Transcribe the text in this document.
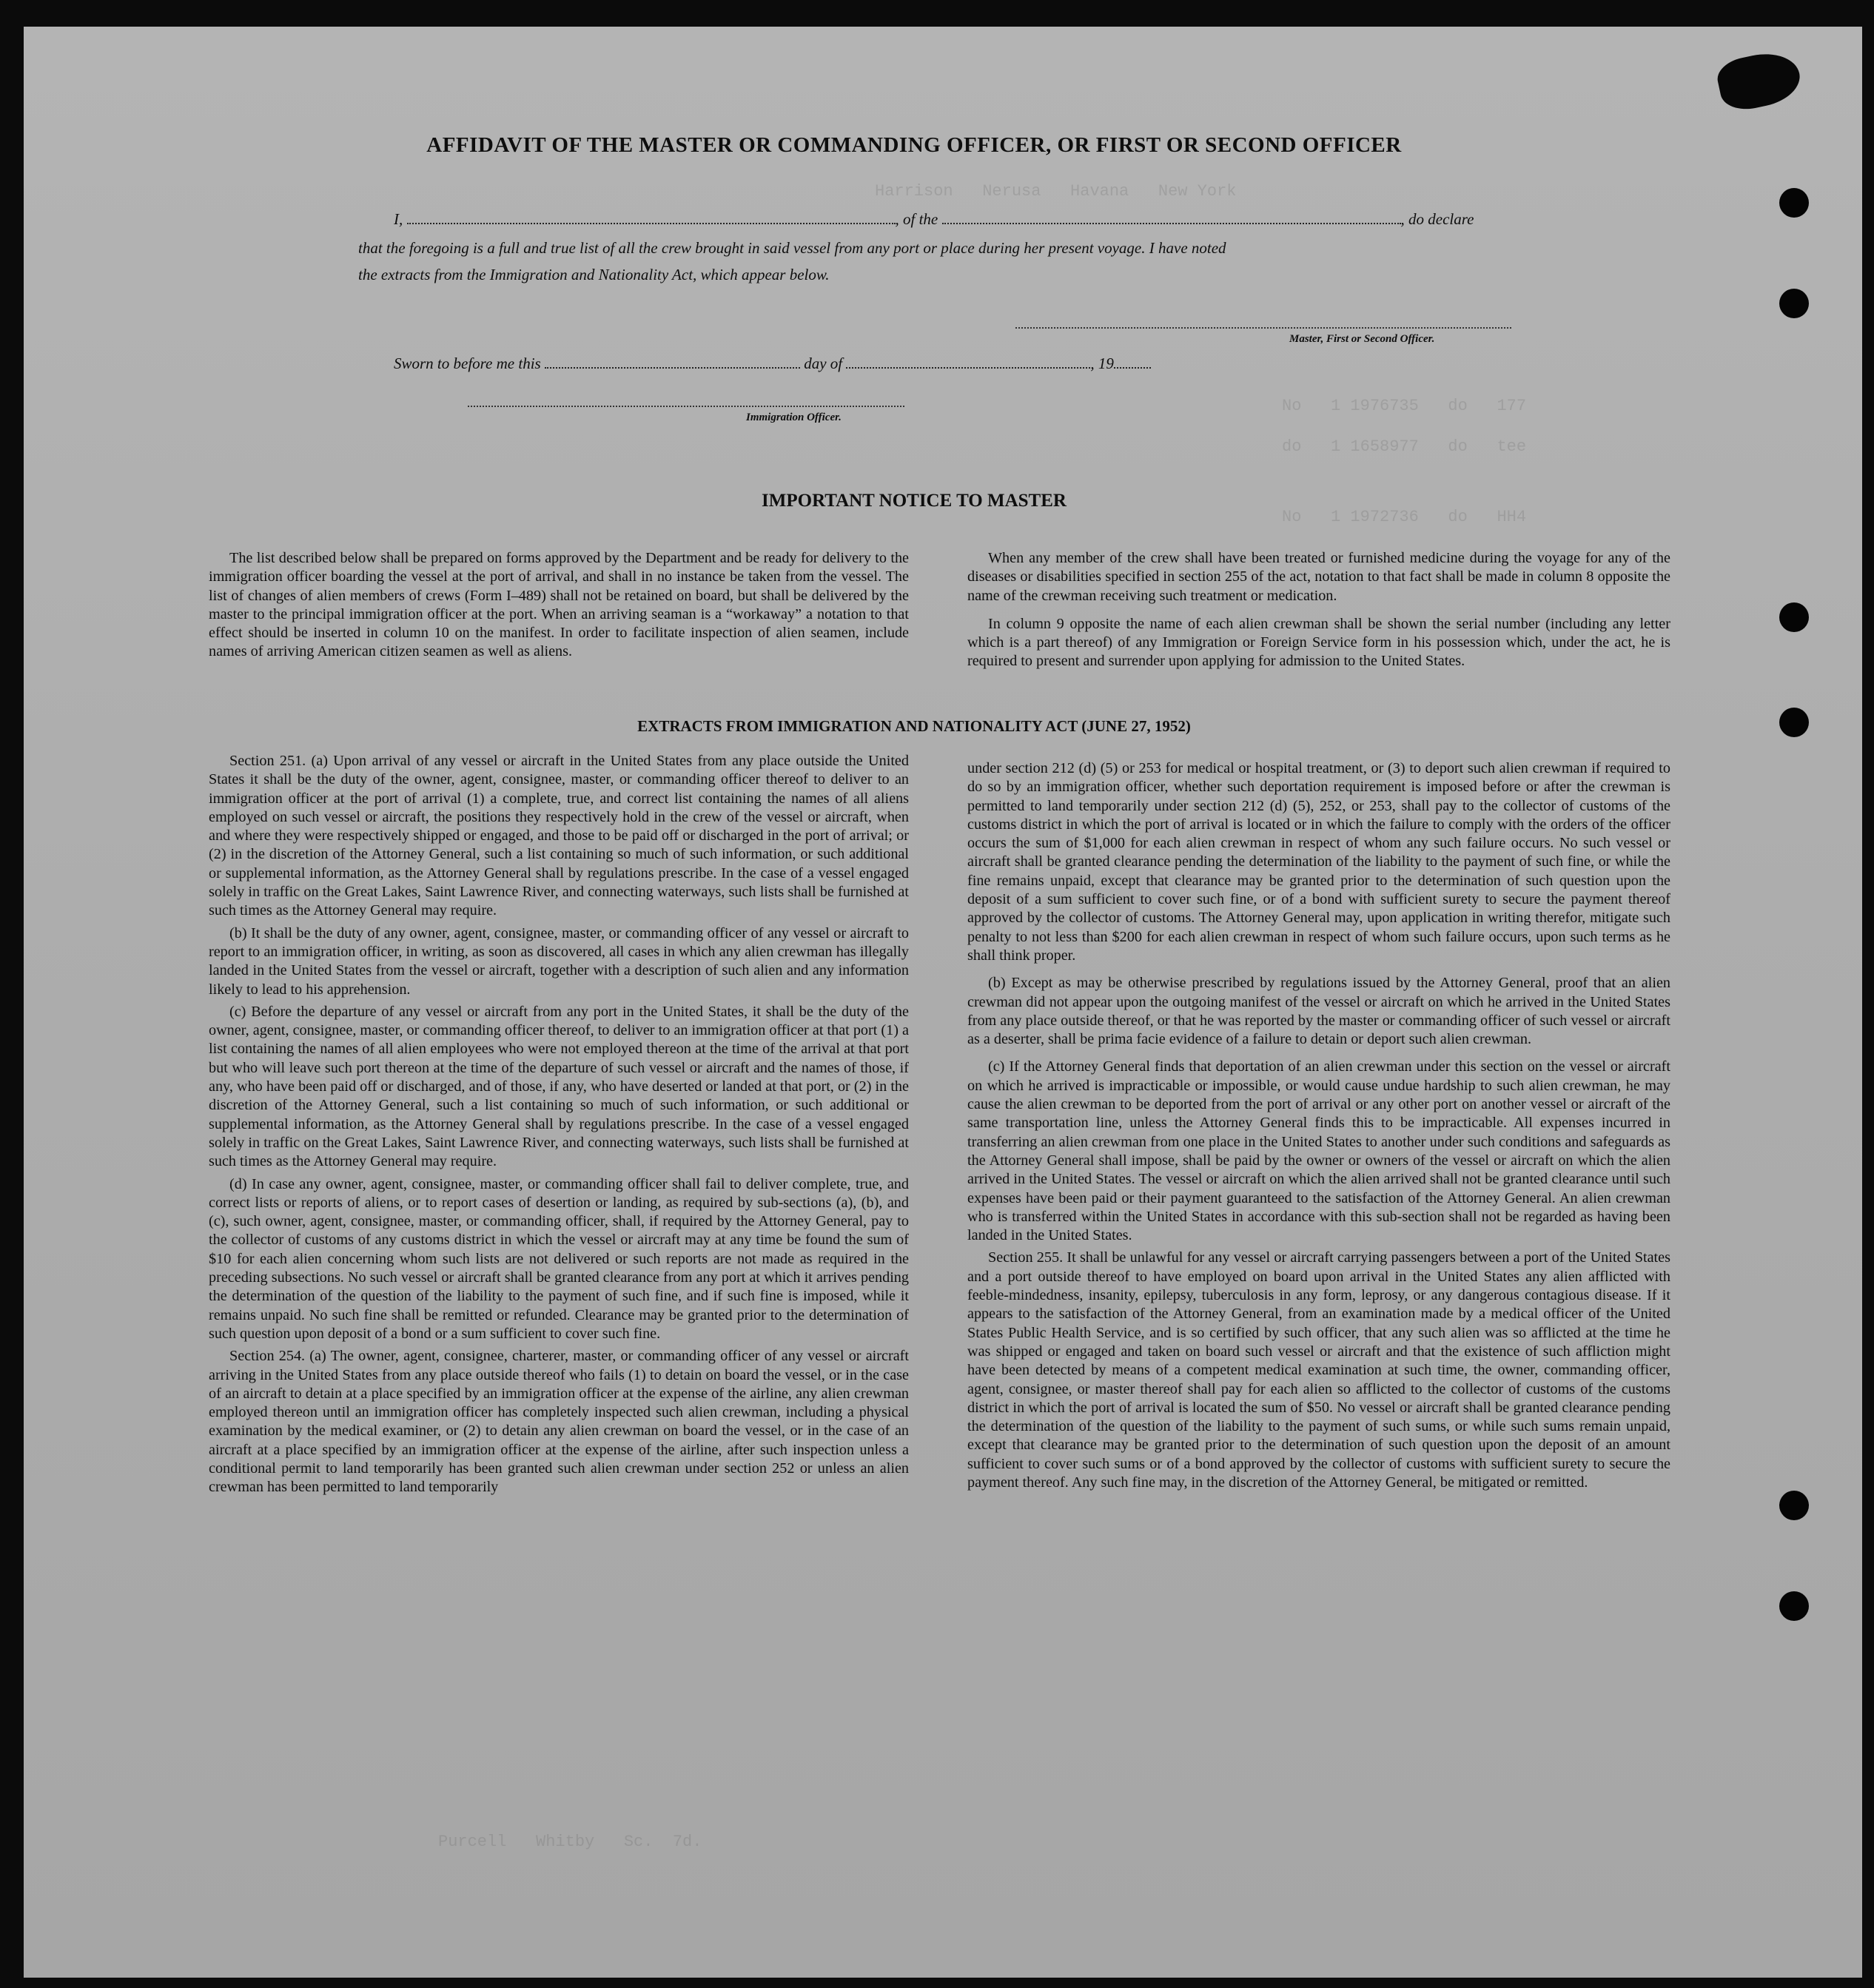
Harrison   Nerusa   Havana   New York
No   1 1976735   do   177
do   1 1658977   do   tee
No   1 1972736   do   HH4
Purcell   Whitby   Sc.  7d.
AFFIDAVIT OF THE MASTER OR COMMANDING OFFICER, OR FIRST OR SECOND OFFICER
I,	, of the	, do declare
that the foregoing is a full and true list of all the crew brought in said vessel from any port or place during her present voyage. I have noted
the extracts from the Immigration and Nationality Act, which appear below.
Master, First or Second Officer.
Sworn to before me this	day of	, 19
Immigration Officer.
IMPORTANT NOTICE TO MASTER

The list described below shall be prepared on forms approved by the Department and be ready for delivery to the immigration officer boarding the vessel at the port of arrival, and shall in no instance be taken from the vessel. The list of changes of alien members of crews (Form I–489) shall not be retained on board, but shall be delivered by the master to the principal immigration officer at the port. When an arriving seaman is a “workaway” a notation to that effect should be inserted in column 10 on the manifest. In order to facilitate inspection of alien seamen, include names of arriving American citizen seamen as well as aliens.

When any member of the crew shall have been treated or furnished medicine during the voyage for any of the diseases or disabilities specified in section 255 of the act, notation to that fact shall be made in column 8 opposite the name of the crewman receiving such treatment or medication.

In column 9 opposite the name of each alien crewman shall be shown the serial number (including any letter which is a part thereof) of any Immigration or Foreign Service form in his possession which, under the act, he is required to present and surrender upon applying for admission to the United States.

EXTRACTS FROM IMMIGRATION AND NATIONALITY ACT (JUNE 27, 1952)

Section 251. (a) Upon arrival of any vessel or aircraft in the United States from any place outside the United States it shall be the duty of the owner, agent, consignee, master, or commanding officer thereof to deliver to an immigration officer at the port of arrival (1) a complete, true, and correct list containing the names of all aliens employed on such vessel or aircraft, the positions they respectively hold in the crew of the vessel or aircraft, when and where they were respectively shipped or engaged, and those to be paid off or discharged in the port of arrival; or (2) in the discretion of the Attorney General, such a list containing so much of such information, or such additional or supplemental information, as the Attorney General shall by regulations prescribe. In the case of a vessel engaged solely in traffic on the Great Lakes, Saint Lawrence River, and connecting waterways, such lists shall be furnished at such times as the Attorney General may require.

(b) It shall be the duty of any owner, agent, consignee, master, or commanding officer of any vessel or aircraft to report to an immigration officer, in writing, as soon as discovered, all cases in which any alien crewman has illegally landed in the United States from the vessel or aircraft, together with a description of such alien and any information likely to lead to his apprehension.

(c) Before the departure of any vessel or aircraft from any port in the United States, it shall be the duty of the owner, agent, consignee, master, or commanding officer thereof, to deliver to an immigration officer at that port (1) a list containing the names of all alien employees who were not employed thereon at the time of the arrival at that port but who will leave such port thereon at the time of the departure of such vessel or aircraft and the names of those, if any, who have been paid off or discharged, and of those, if any, who have deserted or landed at that port, or (2) in the discretion of the Attorney General, such a list containing so much of such information, or such additional or supplemental information, as the Attorney General shall by regulations prescribe. In the case of a vessel engaged solely in traffic on the Great Lakes, Saint Lawrence River, and connecting waterways, such lists shall be furnished at such times as the Attorney General may require.

(d) In case any owner, agent, consignee, master, or commanding officer shall fail to deliver complete, true, and correct lists or reports of aliens, or to report cases of desertion or landing, as required by sub-sections (a), (b), and (c), such owner, agent, consignee, master, or commanding officer, shall, if required by the Attorney General, pay to the collector of customs of any customs district in which the vessel or aircraft may at any time be found the sum of $10 for each alien concerning whom such lists are not delivered or such reports are not made as required in the preceding subsections. No such vessel or aircraft shall be granted clearance from any port at which it arrives pending the determination of the question of the liability to the payment of such fine, and if such fine is imposed, while it remains unpaid. No such fine shall be remitted or refunded. Clearance may be granted prior to the determination of such question upon deposit of a bond or a sum sufficient to cover such fine.

Section 254. (a) The owner, agent, consignee, charterer, master, or commanding officer of any vessel or aircraft arriving in the United States from any place outside thereof who fails (1) to detain on board the vessel, or in the case of an aircraft to detain at a place specified by an immigration officer at the expense of the airline, any alien crewman employed thereon until an immigration officer has completely inspected such alien crewman, including a physical examination by the medical examiner, or (2) to detain any alien crewman on board the vessel, or in the case of an aircraft at a place specified by an immigration officer at the expense of the airline, after such inspection unless a conditional permit to land temporarily has been granted such alien crewman under section 252 or unless an alien crewman has been permitted to land temporarily

under section 212 (d) (5) or 253 for medical or hospital treatment, or (3) to deport such alien crewman if required to do so by an immigration officer, whether such deportation requirement is imposed before or after the crewman is permitted to land temporarily under section 212 (d) (5), 252, or 253, shall pay to the collector of customs of the customs district in which the port of arrival is located or in which the failure to comply with the orders of the officer occurs the sum of $1,000 for each alien crewman in respect of whom any such failure occurs. No such vessel or aircraft shall be granted clearance pending the determination of the liability to the payment of such fine, or while the fine remains unpaid, except that clearance may be granted prior to the determination of such question upon the deposit of a sum sufficient to cover such fine, or of a bond with sufficient surety to secure the payment thereof approved by the collector of customs. The Attorney General may, upon application in writing therefor, mitigate such penalty to not less than $200 for each alien crewman in respect of whom such failure occurs, upon such terms as he shall think proper.

(b) Except as may be otherwise prescribed by regulations issued by the Attorney General, proof that an alien crewman did not appear upon the outgoing manifest of the vessel or aircraft on which he arrived in the United States from any place outside thereof, or that he was reported by the master or commanding officer of such vessel or aircraft as a deserter, shall be prima facie evidence of a failure to detain or deport such alien crewman.

(c) If the Attorney General finds that deportation of an alien crewman under this section on the vessel or aircraft on which he arrived is impracticable or impossible, or would cause undue hardship to such alien crewman, he may cause the alien crewman to be deported from the port of arrival or any other port on another vessel or aircraft of the same transportation line, unless the Attorney General finds this to be impracticable. All expenses incurred in transferring an alien crewman from one place in the United States to another under such conditions and safeguards as the Attorney General shall impose, shall be paid by the owner or owners of the vessel or aircraft on which the alien arrived in the United States. The vessel or aircraft on which the alien arrived shall not be granted clearance until such expenses have been paid or their payment guaranteed to the satisfaction of the Attorney General. An alien crewman who is transferred within the United States in accordance with this sub-section shall not be regarded as having been landed in the United States.

Section 255. It shall be unlawful for any vessel or aircraft carrying passengers between a port of the United States and a port outside thereof to have employed on board upon arrival in the United States any alien afflicted with feeble-mindedness, insanity, epilepsy, tuberculosis in any form, leprosy, or any dangerous contagious disease. If it appears to the satisfaction of the Attorney General, from an examination made by a medical officer of the United States Public Health Service, and is so certified by such officer, that any such alien was so afflicted at the time he was shipped or engaged and taken on board such vessel or aircraft and that the existence of such affliction might have been detected by means of a competent medical examination at such time, the owner, commanding officer, agent, consignee, or master thereof shall pay for each alien so afflicted to the collector of customs of the customs district in which the port of arrival is located the sum of $50. No vessel or aircraft shall be granted clearance pending the determination of the question of the liability to the payment of such sums, or while such sums remain unpaid, except that clearance may be granted prior to the determination of such question upon the deposit of an amount sufficient to cover such sums or of a bond approved by the collector of customs with sufficient surety to secure the payment thereof. Any such fine may, in the discretion of the Attorney General, be mitigated or remitted.
